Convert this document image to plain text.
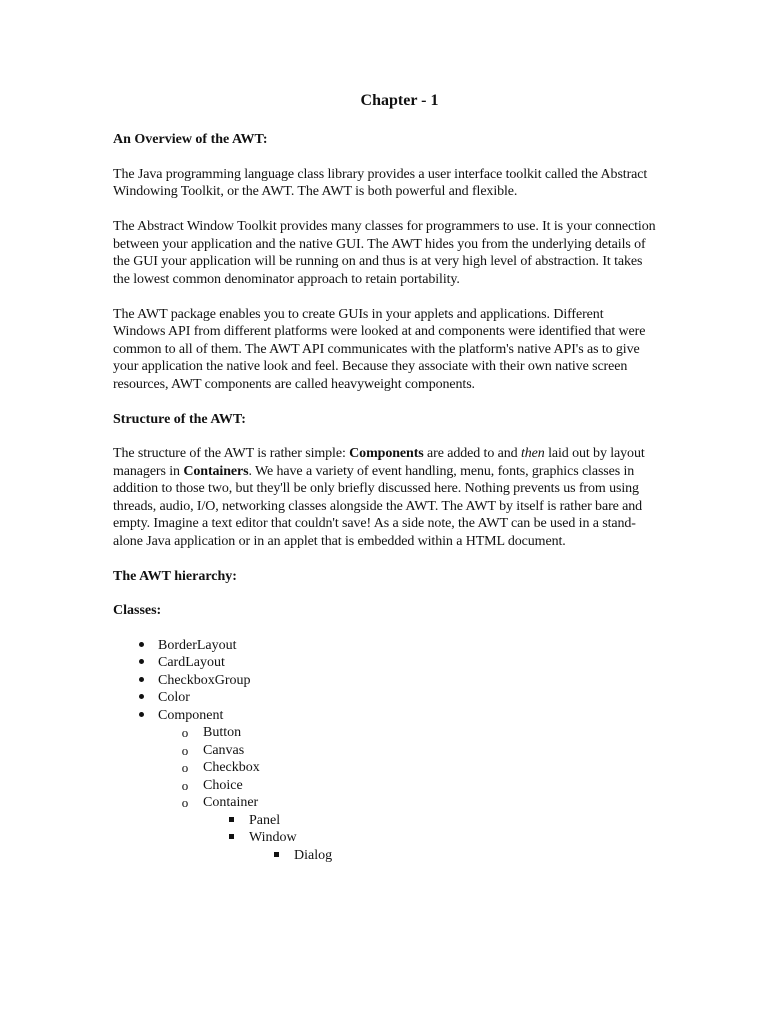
Chapter - 1
An Overview of the AWT:
The Java programming language class library provides a user interface toolkit called the Abstract Windowing Toolkit, or the AWT. The AWT is both powerful and flexible.
The Abstract Window Toolkit provides many classes for programmers to use. It is your connection between your application and the native GUI. The AWT hides you from the underlying details of the GUI your application will be running on and thus is at very high level of abstraction. It takes the lowest common denominator approach to retain portability.
The AWT package enables you to create GUIs in your applets and applications. Different Windows API from different platforms were looked at and components were identified that were common to all of them. The AWT API communicates with the platform's native API's as to give your application the native look and feel. Because they associate with their own native screen resources, AWT components are called heavyweight components.
Structure of the AWT:
The structure of the AWT is rather simple: Components are added to and then laid out by layout managers in Containers. We have a variety of event handling, menu, fonts, graphics classes in addition to those two, but they'll be only briefly discussed here. Nothing prevents us from using threads, audio, I/O, networking classes alongside the AWT. The AWT by itself is rather bare and empty. Imagine a text editor that couldn't save! As a side note, the AWT can be used in a stand-alone Java application or in an applet that is embedded within a HTML document.
The AWT hierarchy:
Classes:
BorderLayout
CardLayout
CheckboxGroup
Color
Component
o Button
o Canvas
o Checkbox
o Choice
o Container
Panel
Window
Dialog
